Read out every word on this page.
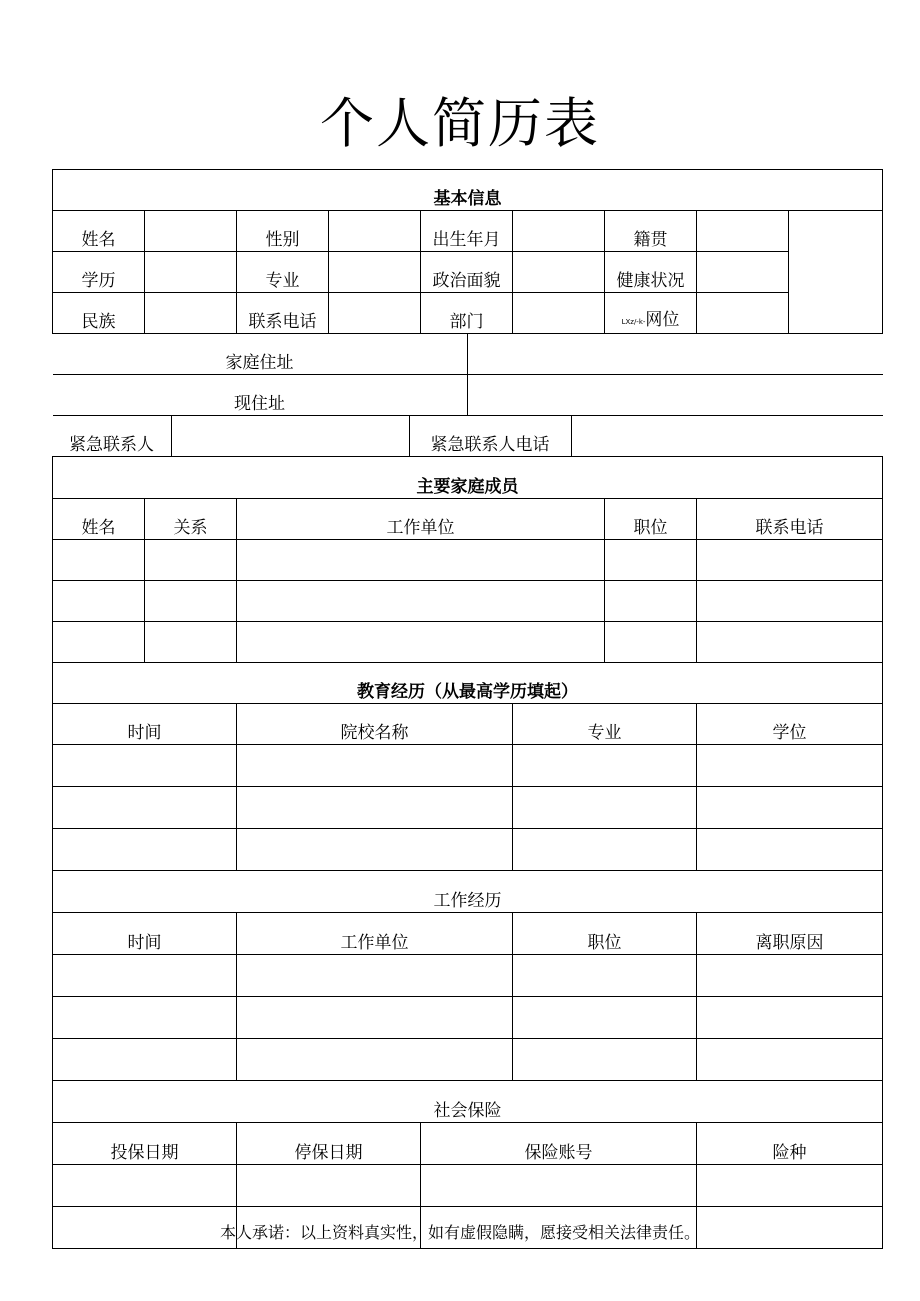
个人简历表
基本信息
姓名		性别		出生年月		籍贯		
学历		专业		政治面貌		健康状况	
民族		联系电话		部门		LXz/-k-网位	

家庭住址	
现住址	

紧急联系人		紧急联系人电话	

主要家庭成员
姓名	关系	工作单位	职位	联系电话

教育经历（从最高学历填起）
时间	院校名称	专业	学位

工作经历
时间	工作单位	职位	离职原因

社会保险
投保日期	停保日期	保险账号	险种

本人承诺：以上资料真实性，如有虚假隐瞒，愿接受相关法律责任。
